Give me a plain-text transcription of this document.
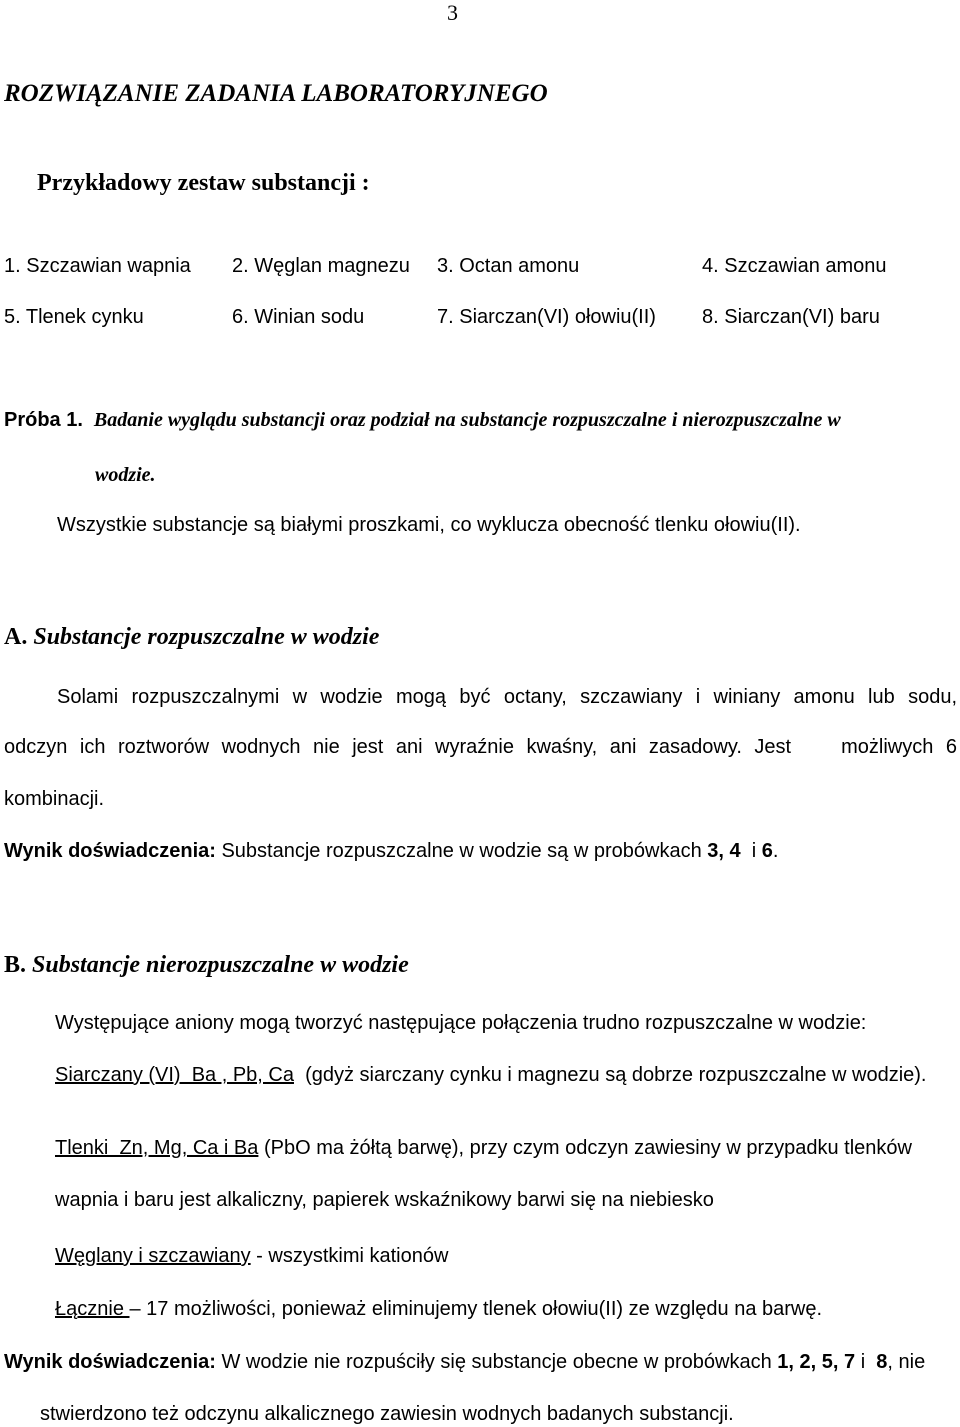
3
ROZWIĄZANIE ZADANIA LABORATORYJNEGO
Przykładowy zestaw substancji :
1. Szczawian wapnia 2. Węglan magnezu 3. Octan amonu	4. Szczawian amonu
5. Tlenek cynku	6. Winian sodu	7. Siarczan(VI) ołowiu(II) 8. Siarczan(VI) baru
Próba 1. Badanie wyglądu substancji oraz podział na substancje rozpuszczalne i nierozpuszczalne w
wodzie.
Wszystkie substancje są białymi proszkami, co wyklucza obecność tlenku ołowiu(II).
A. Substancje rozpuszczalne w wodzie
Solami rozpuszczalnymi w wodzie mogą być octany, szczawiany i winiany amonu lub sodu,
odczyn ich roztworów wodnych nie jest ani wyraźnie kwaśny, ani zasadowy. Jest    możliwych 6
kombinacji.
Wynik doświadczenia: Substancje rozpuszczalne w wodzie są w probówkach 3, 4  i 6.
B. Substancje nierozpuszczalne w wodzie
Występujące aniony mogą tworzyć następujące połączenia trudno rozpuszczalne w wodzie:
Siarczany (VI)  Ba , Pb, Ca  (gdyż siarczany cynku i magnezu są dobrze rozpuszczalne w wodzie).
Tlenki  Zn, Mg, Ca i Ba (PbO ma żółtą barwę), przy czym odczyn zawiesiny w przypadku tlenków
wapnia i baru jest alkaliczny, papierek wskaźnikowy barwi się na niebiesko
Węglany i szczawiany - wszystkimi kationów
Łącznie – 17 możliwości, ponieważ eliminujemy tlenek ołowiu(II) ze względu na barwę.
Wynik doświadczenia: W wodzie nie rozpuściły się substancje obecne w probówkach 1, 2, 5, 7 i  8, nie
stwierdzono też odczynu alkalicznego zawiesin wodnych badanych substancji.
